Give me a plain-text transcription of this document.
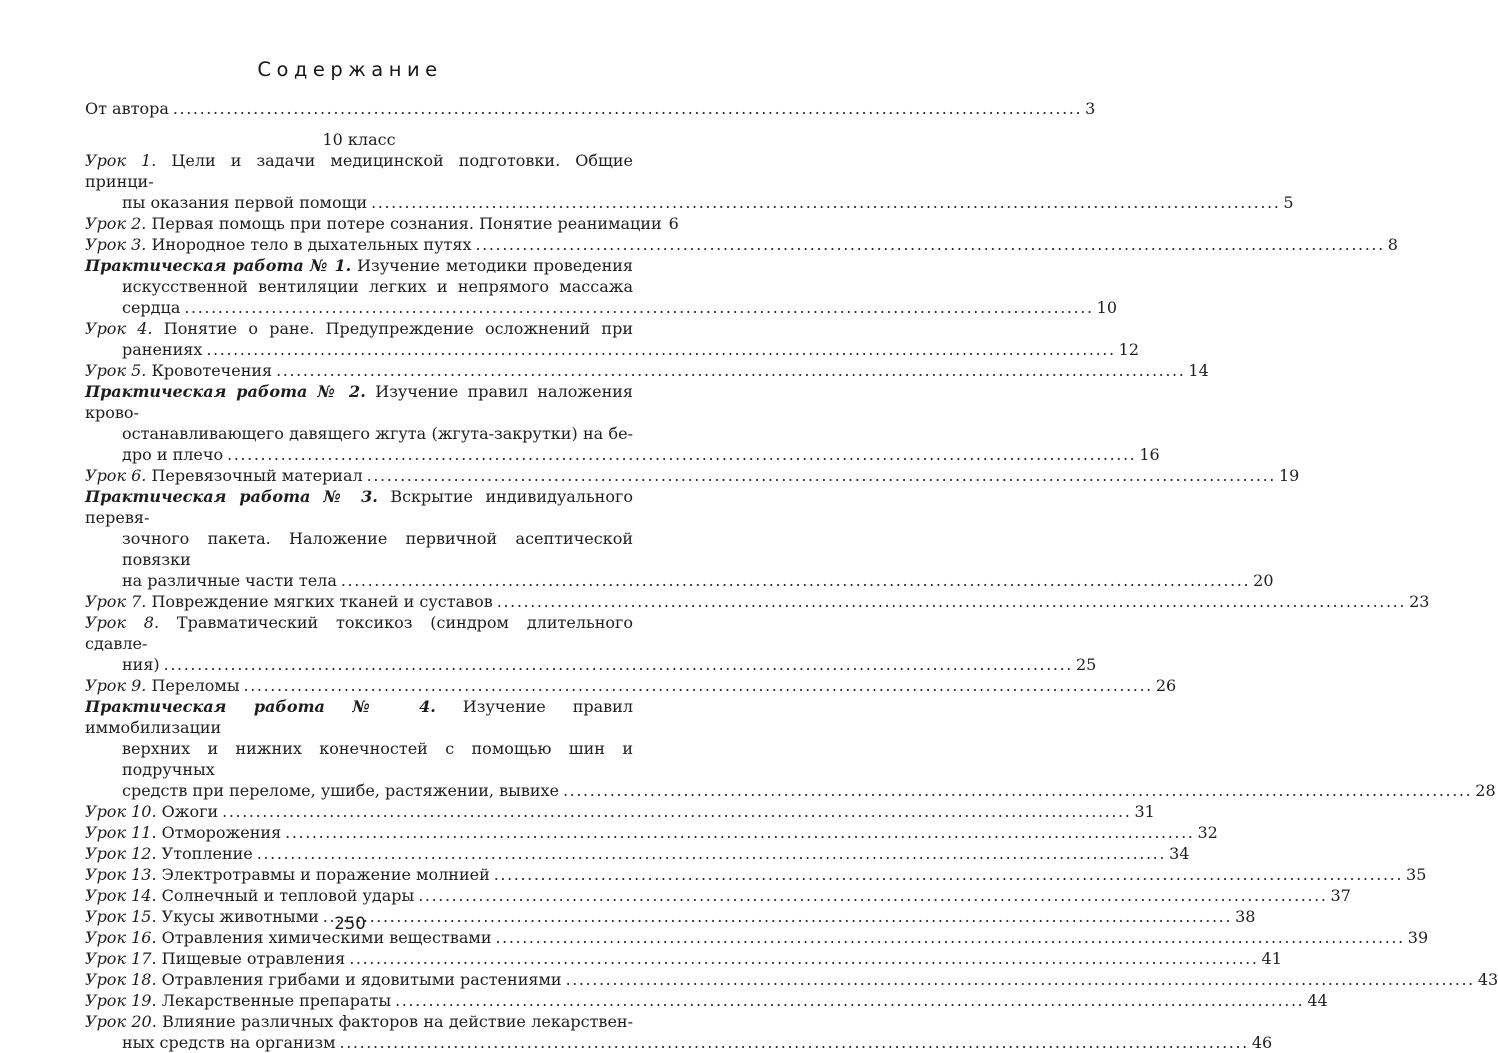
Содержание
От автора .....	3
10 класс
Урок 1. Цели и задачи медицинской подготовки. Общие принци-
пы оказания первой помощи .....	5
Урок 2. Первая помощь при потере сознания. Понятие реанимации 6
Урок 3. Инородное тело в дыхательных путях .....	8
Практическая работа № 1. Изучение методики проведения
искусственной вентиляции легких и непрямого массажа
сердца .....	10
Урок 4. Понятие о ране. Предупреждение осложнений при
ранениях .....	12
Урок 5. Кровотечения .....	14
Практическая работа № 2. Изучение правил наложения крово-
останавливающего давящего жгута (жгута-закрутки) на бе-
дро и плечо .....	16
Урок 6. Перевязочный материал .....	19
Практическая работа № 3. Вскрытие индивидуального перевя-
зочного пакета. Наложение первичной асептической повязки
на различные части тела .....	20
Урок 7. Повреждение мягких тканей и суставов .....	23
Урок 8. Травматический токсикоз (синдром длительного сдавле-
ния) .....	25
Урок 9. Переломы .....	26
Практическая работа № 4. Изучение правил иммобилизации
верхних и нижних конечностей с помощью шин и подручных
средств при переломе, ушибе, растяжении, вывихе .....	28
Урок 10. Ожоги .....	31
Урок 11. Отморожения .....	32
Урок 12. Утопление .....	34
Урок 13. Электротравмы и поражение молнией .....	35
Урок 14. Солнечный и тепловой удары .....	37
Урок 15. Укусы животными .....	38
Урок 16. Отравления химическими веществами .....	39
Урок 17. Пищевые отравления .....	41
Урок 18. Отравления грибами и ядовитыми растениями .....	43
Урок 19. Лекарственные препараты .....	44
Урок 20. Влияние различных факторов на действие лекарствен-
ных средств на организм .....	46
250
